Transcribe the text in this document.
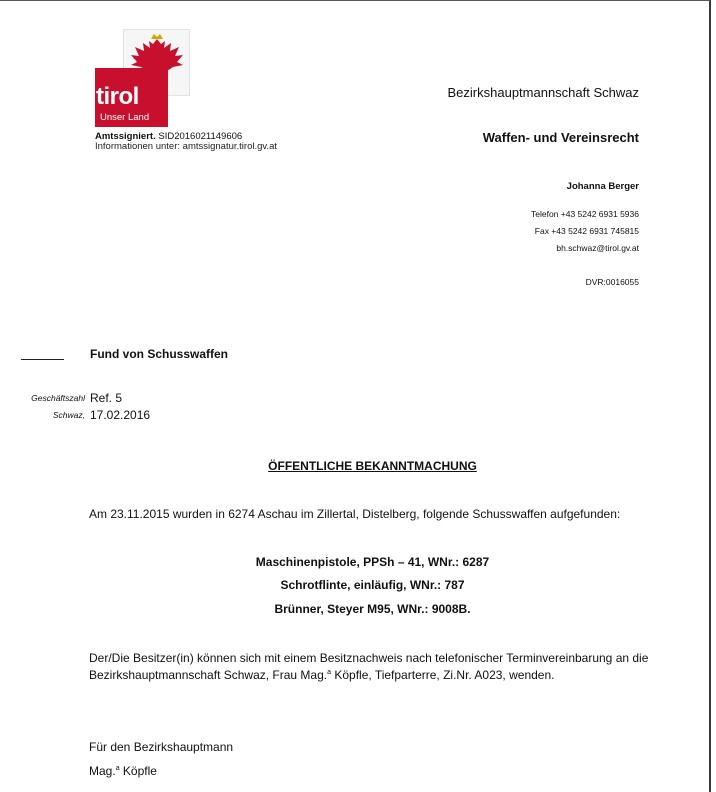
tirol
Unser Land
Amtssigniert. SID2016021149606
Informationen unter: amtssignatur.tirol.gv.at
Bezirkshauptmannschaft Schwaz
Waffen- und Vereinsrecht
Johanna Berger
Telefon +43 5242 6931 5936
Fax +43 5242 6931 745815
bh.schwaz@tirol.gv.at
DVR:0016055
Fund von Schusswaffen
Geschäftszahl Ref. 5
Schwaz, 17.02.2016
ÖFFENTLICHE BEKANNTMACHUNG
Am 23.11.2015 wurden in 6274 Aschau im Zillertal, Distelberg, folgende Schusswaffen aufgefunden:
Maschinenpistole, PPSh – 41, WNr.: 6287
Schrotflinte, einläufig, WNr.: 787
Brünner, Steyer M95, WNr.: 9008B.
Der/Die Besitzer(in) können sich mit einem Besitznachweis nach telefonischer Terminvereinbarung an die
Bezirkshauptmannschaft Schwaz, Frau Mag.$^a$ Köpfle, Tiefparterre, Zi.Nr. A023, wenden.
Für den Bezirkshauptmann
Mag.$^a$ Köpfle
